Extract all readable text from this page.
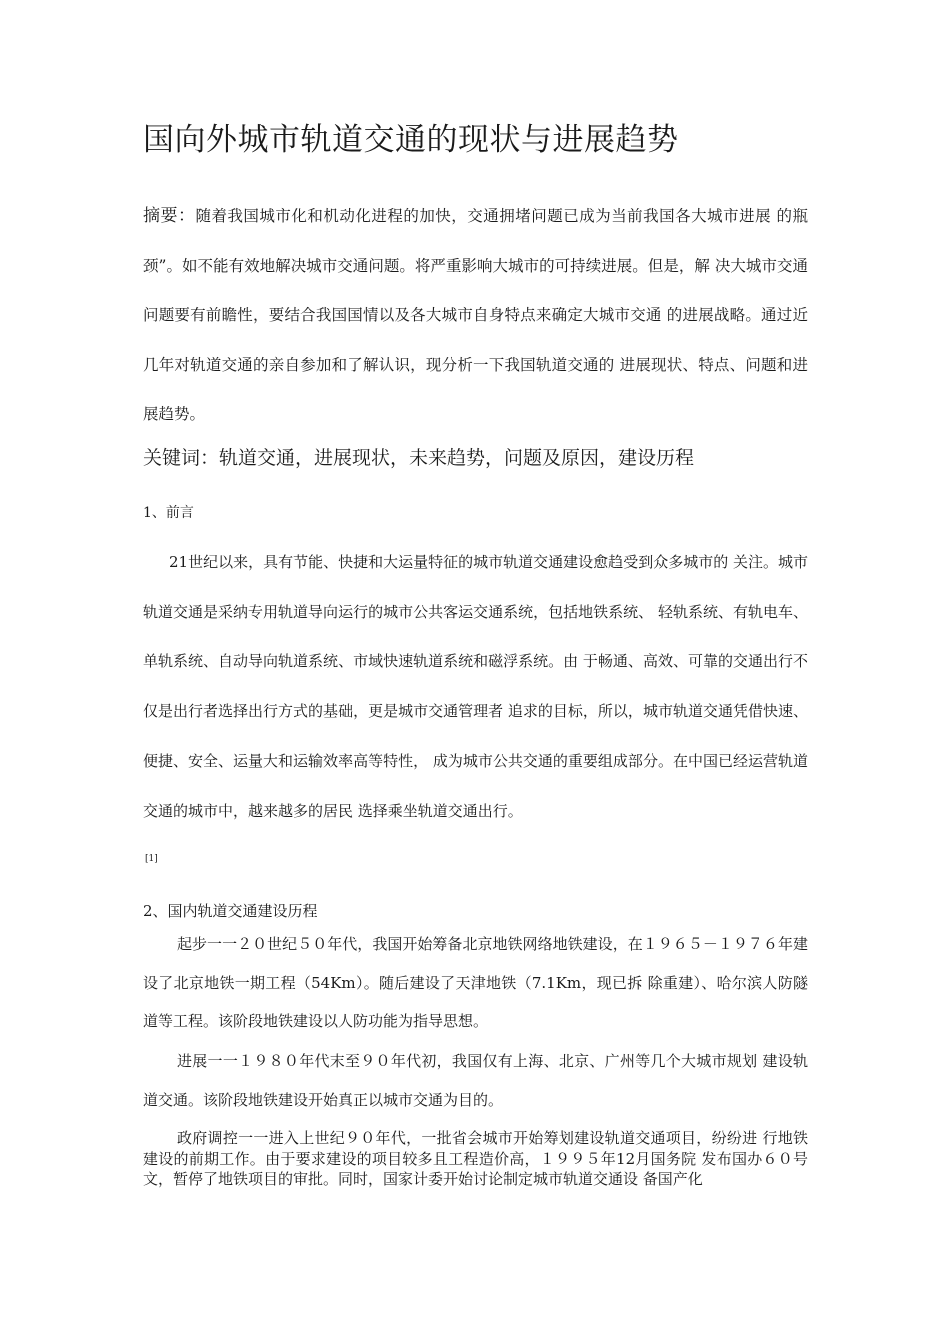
国向外城市轨道交通的现状与进展趋势

摘要：随着我国城市化和机动化进程的加快，交通拥堵问题已成为当前我国各大城市进展 的瓶颈”。如不能有效地解决城市交通问题。将严重影响大城市的可持续进展。但是，解 决大城市交通问题要有前瞻性，要结合我国国情以及各大城市自身特点来确定大城市交通 的进展战略。通过近几年对轨道交通的亲自参加和了解认识，现分析一下我国轨道交通的 进展现状、特点、问题和进展趋势。

关键词：轨道交通，进展现状，未来趋势，问题及原因，建设历程

1、前言

21世纪以来，具有节能、快捷和大运量特征的城市轨道交通建设愈趋受到众多城市的 关注。城市轨道交通是采纳专用轨道导向运行的城市公共客运交通系统，包括地铁系统、 轻轨系统、有轨电车、单轨系统、自动导向轨道系统、市域快速轨道系统和磁浮系统。由 于畅通、高效、可靠的交通出行不仅是出行者选择出行方式的基础，更是城市交通管理者 追求的目标，所以，城市轨道交通凭借快速、便捷、安全、运量大和运输效率高等特性， 成为城市公共交通的重要组成部分。在中国已经运营轨道交通的城市中，越来越多的居民 选择乘坐轨道交通出行。

[1]

2、国内轨道交通建设历程

起步一一２０世纪５０年代，我国开始筹备北京地铁网络地铁建设，在１９６５－１９７６年建设了北京地铁一期工程（54Km）。随后建设了天津地铁（7.1Km，现已拆 除重建）、哈尔滨人防隧道等工程。该阶段地铁建设以人防功能为指导思想。

进展一一１９８０年代末至９０年代初，我国仅有上海、北京、广州等几个大城市规划 建设轨道交通。该阶段地铁建设开始真正以城市交通为目的。

政府调控一一进入上世纪９０年代，一批省会城市开始筹划建设轨道交通项目，纷纷进 行地铁建设的前期工作。由于要求建设的项目较多且工程造价高，１９９５年12月国务院 发布国办６０号文，暂停了地铁项目的审批。同时，国家计委开始讨论制定城市轨道交通设 备国产化
